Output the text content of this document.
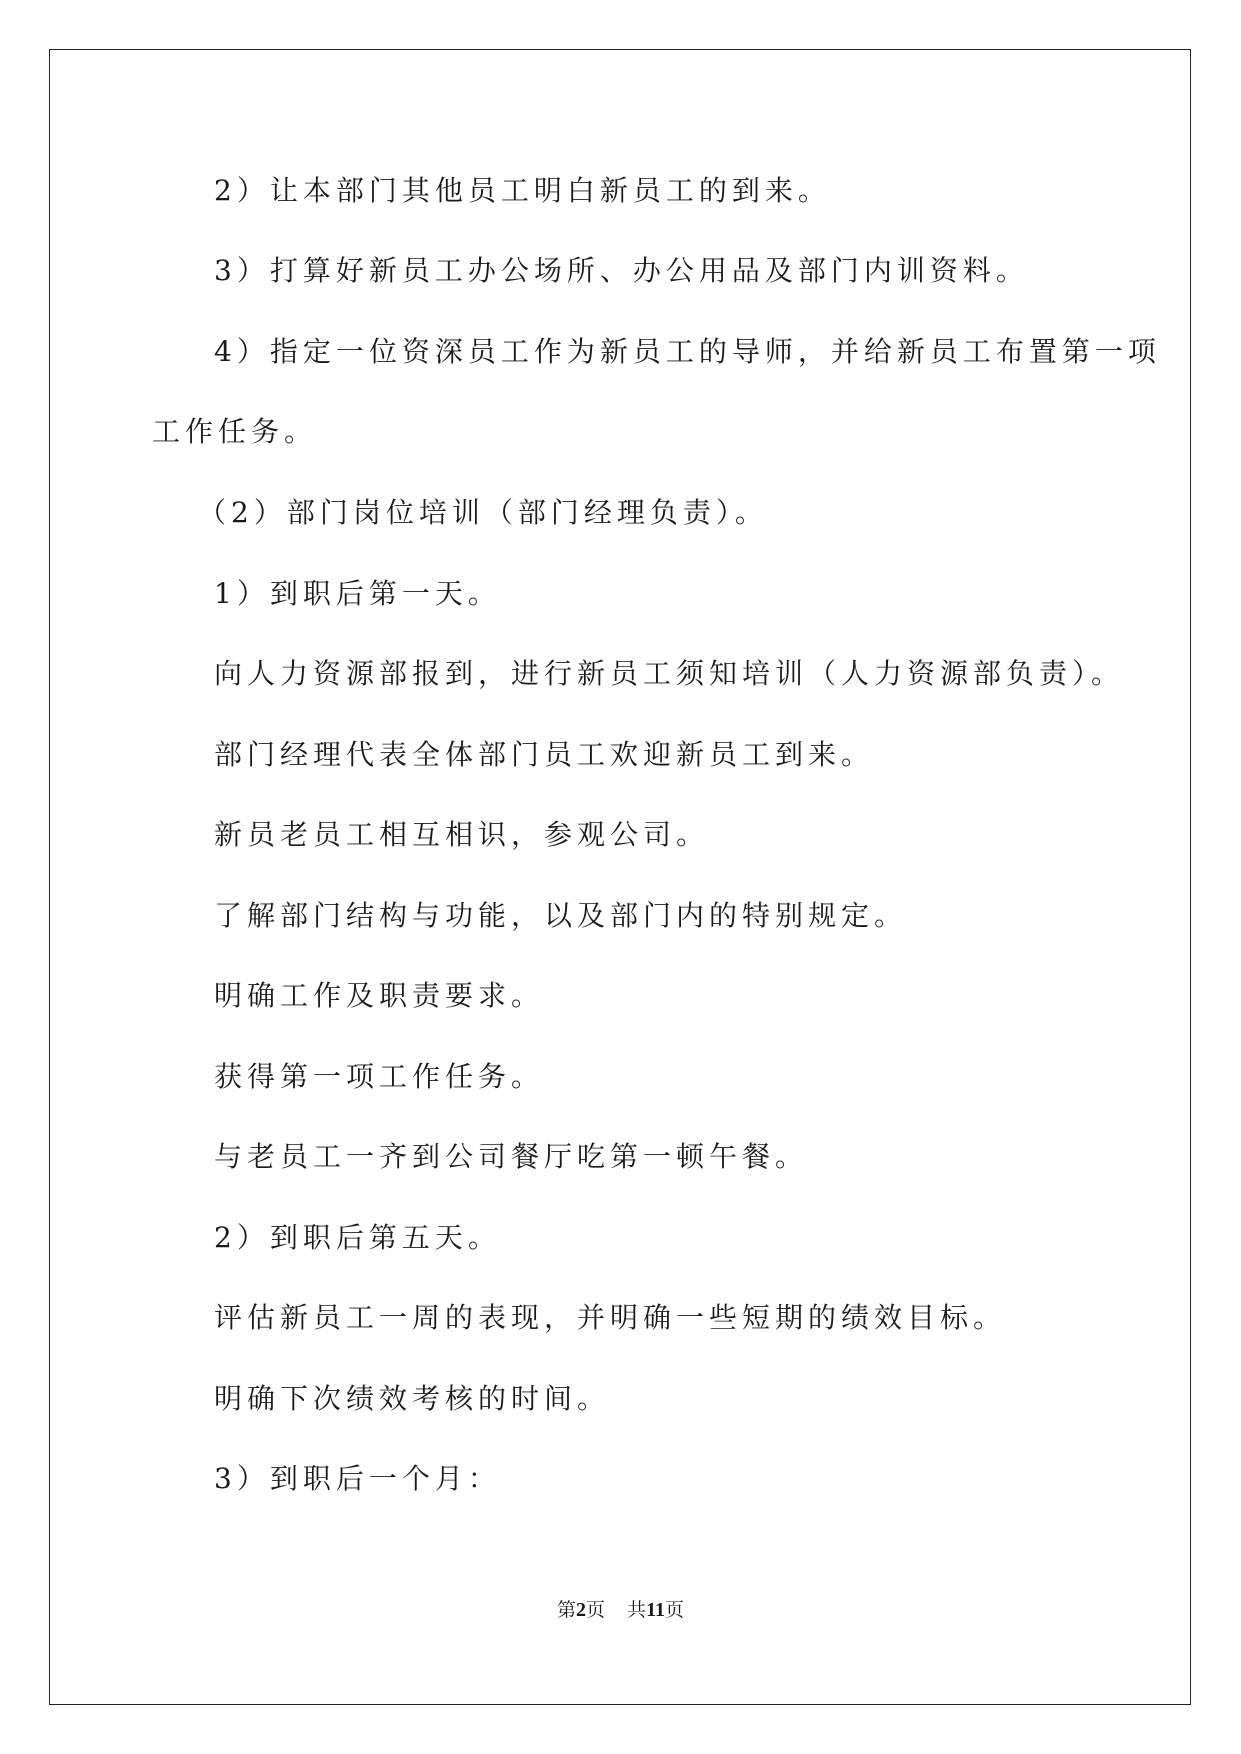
2）让本部门其他员工明白新员工的到来。
3）打算好新员工办公场所、办公用品及部门内训资料。
4）指定一位资深员工作为新员工的导师，并给新员工布置第一项
工作任务。
（2）部门岗位培训（部门经理负责）。
1）到职后第一天。
向人力资源部报到，进行新员工须知培训（人力资源部负责）。
部门经理代表全体部门员工欢迎新员工到来。
新员老员工相互相识，参观公司。
了解部门结构与功能，以及部门内的特别规定。
明确工作及职责要求。
获得第一项工作任务。
与老员工一齐到公司餐厅吃第一顿午餐。
2）到职后第五天。
评估新员工一周的表现，并明确一些短期的绩效目标。
明确下次绩效考核的时间。
3）到职后一个月：
第2页 共11页
